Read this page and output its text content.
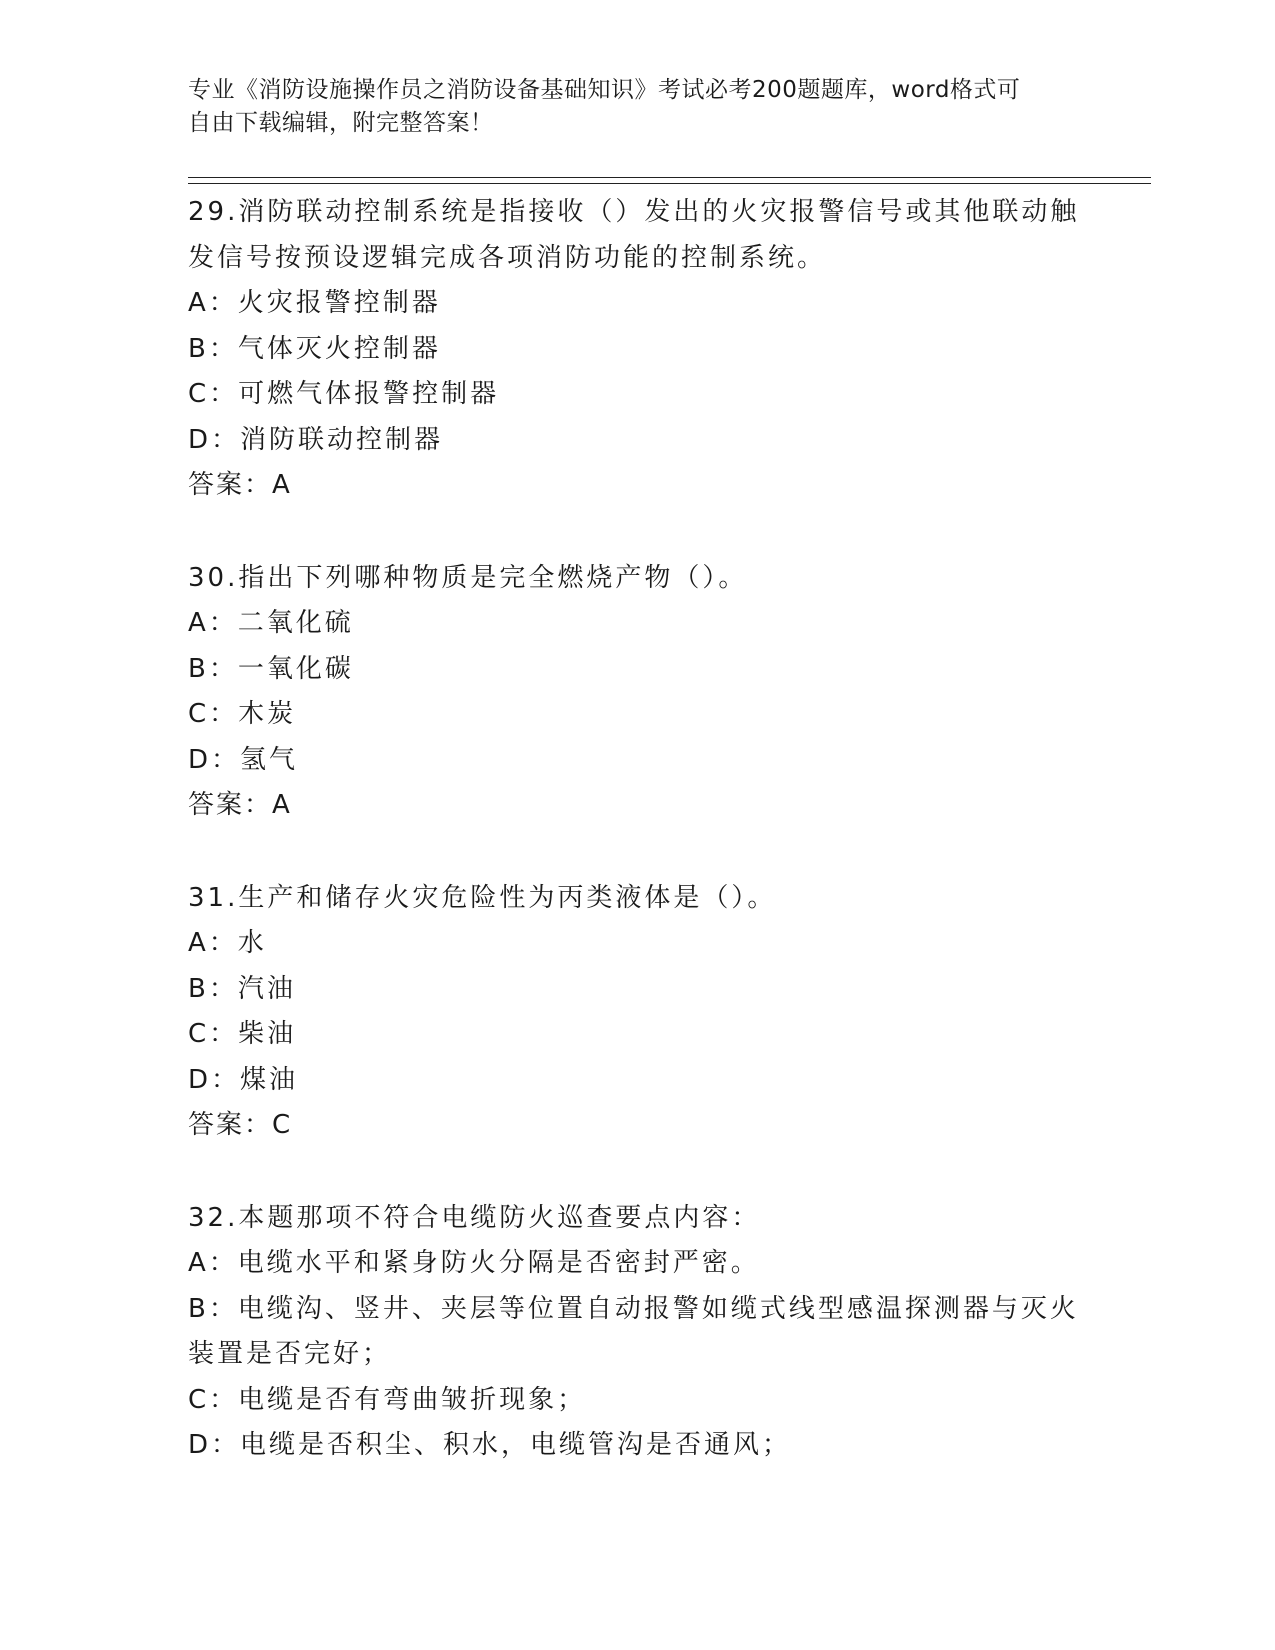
专业《消防设施操作员之消防设备基础知识》考试必考200题题库，word格式可
自由下载编辑，附完整答案！
29.消防联动控制系统是指接收（）发出的火灾报警信号或其他联动触
发信号按预设逻辑完成各项消防功能的控制系统。
A：火灾报警控制器
B：气体灭火控制器
C：可燃气体报警控制器
D：消防联动控制器
答案：A
30.指出下列哪种物质是完全燃烧产物（）。
A：二氧化硫
B：一氧化碳
C：木炭
D：氢气
答案：A
31.生产和储存火灾危险性为丙类液体是（）。
A：水
B：汽油
C：柴油
D：煤油
答案：C
32.本题那项不符合电缆防火巡查要点内容：
A：电缆水平和紧身防火分隔是否密封严密。
B：电缆沟、竖井、夹层等位置自动报警如缆式线型感温探测器与灭火
装置是否完好；
C：电缆是否有弯曲皱折现象；
D：电缆是否积尘、积水，电缆管沟是否通风；
